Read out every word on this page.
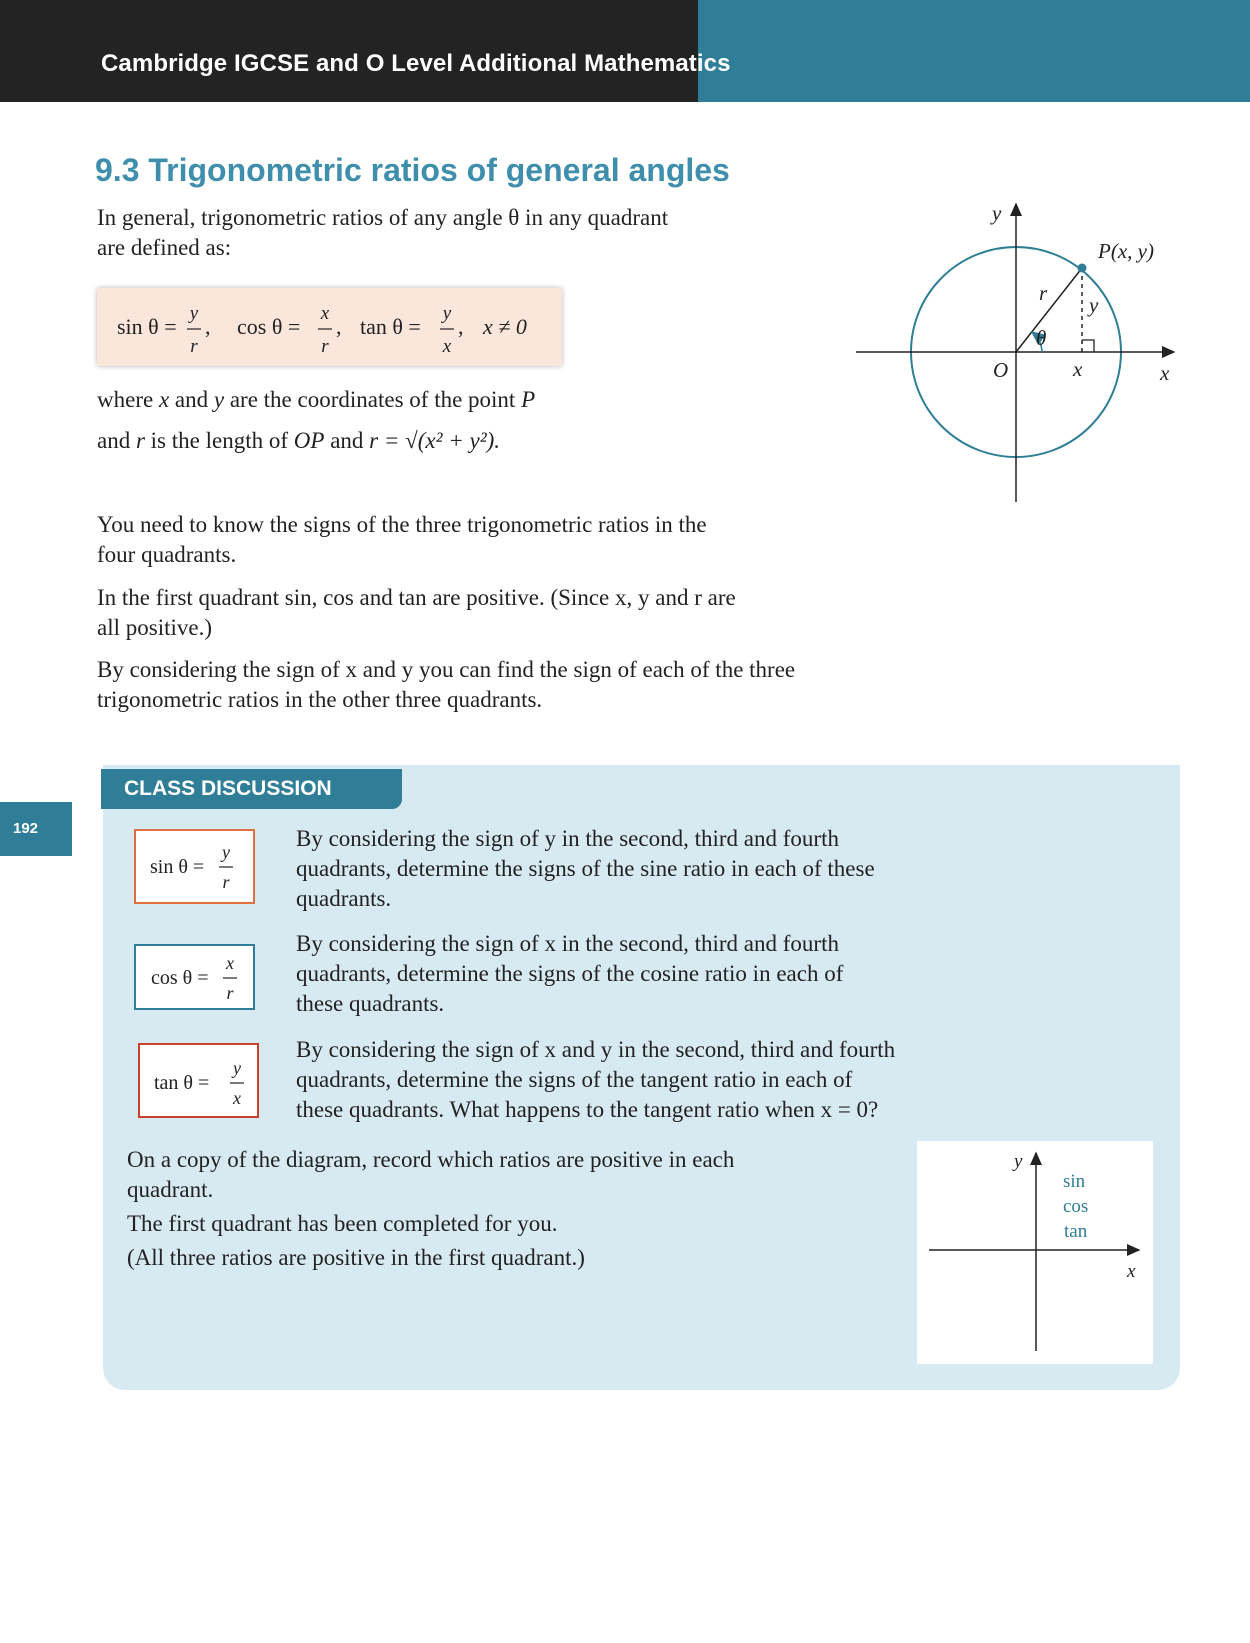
Cambridge IGCSE and O Level Additional Mathematics
9.3 Trigonometric ratios of general angles
In general, trigonometric ratios of any angle θ in any quadrant
are defined as:
sin θ =
y
r
, cos θ =
x
r
, tan θ =
y
x
, x ≠ 0
where x and y are the coordinates of the point P
and r is the length of OP and r = √(x² + y²).
y
x
O
P(x, y)
r
θ
y
x
You need to know the signs of the three trigonometric ratios in the
four quadrants.
In the first quadrant sin, cos and tan are positive. (Since x, y and r are
all positive.)
By considering the sign of x and y you can find the sign of each of the three
trigonometric ratios in the other three quadrants.
192
CLASS DISCUSSION
sin θ =
y
r
cos θ =
x
r
tan θ =
y
x
By considering the sign of y in the second, third and fourth
quadrants, determine the signs of the sine ratio in each of these
quadrants.
By considering the sign of x in the second, third and fourth
quadrants, determine the signs of the cosine ratio in each of
these quadrants.
By considering the sign of x and y in the second, third and fourth
quadrants, determine the signs of the tangent ratio in each of
these quadrants. What happens to the tangent ratio when x = 0?
On a copy of the diagram, record which ratios are positive in each
quadrant.
The first quadrant has been completed for you.
(All three ratios are positive in the first quadrant.)
y
x
sin
cos
tan
